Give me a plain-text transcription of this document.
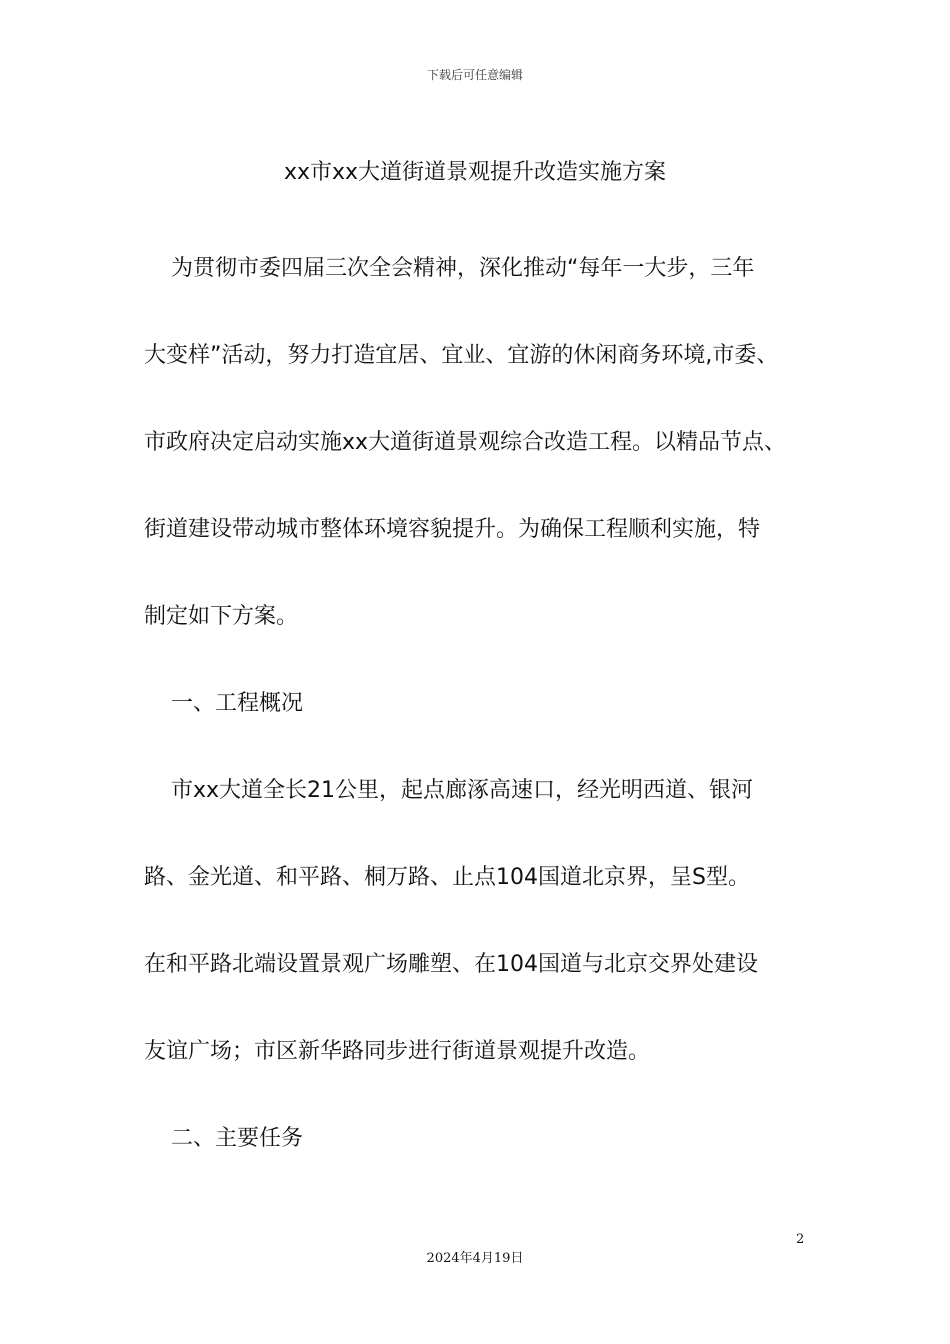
下载后可任意编辑
xx市xx大道街道景观提升改造实施方案
为贯彻市委四届三次全会精神，深化推动“每年一大步，三年
大变样”活动，努力打造宜居、宜业、宜游的休闲商务环境,市委、
市政府决定启动实施xx大道街道景观综合改造工程。以精品节点、
街道建设带动城市整体环境容貌提升。为确保工程顺利实施，特
制定如下方案。
一、工程概况
市xx大道全长21公里，起点廊涿高速口，经光明西道、银河
路、金光道、和平路、桐万路、止点104国道北京界，呈S型。
在和平路北端设置景观广场雕塑、在104国道与北京交界处建设
友谊广场；市区新华路同步进行街道景观提升改造。
二、主要任务
2
2024年4月19日
